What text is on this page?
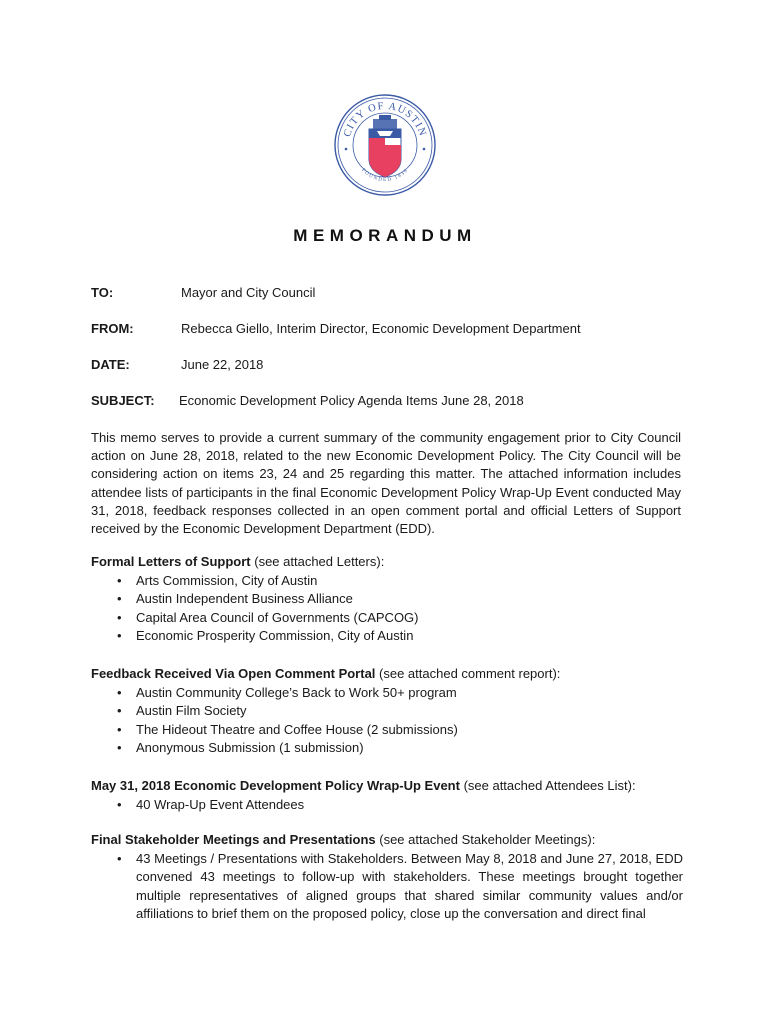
CITY OF AUSTIN
FOUNDED 1839
MEMORANDUM
TO:	Mayor and City Council
FROM:	Rebecca Giello, Interim Director, Economic Development Department
DATE:	June 22, 2018
SUBJECT: Economic Development Policy Agenda Items June 28, 2018
This memo serves to provide a current summary of the community engagement prior to City Council action on June 28, 2018, related to the new Economic Development Policy. The City Council will be considering action on items 23, 24 and 25 regarding this matter. The attached information includes attendee lists of participants in the final Economic Development Policy Wrap-Up Event conducted May 31, 2018, feedback responses collected in an open comment portal and official Letters of Support received by the Economic Development Department (EDD).
Formal Letters of Support (see attached Letters):
• Arts Commission, City of Austin
• Austin Independent Business Alliance
• Capital Area Council of Governments (CAPCOG)
• Economic Prosperity Commission, City of Austin
Feedback Received Via Open Comment Portal (see attached comment report):
• Austin Community College’s Back to Work 50+ program
• Austin Film Society
• The Hideout Theatre and Coffee House (2 submissions)
• Anonymous Submission (1 submission)
May 31, 2018 Economic Development Policy Wrap-Up Event (see attached Attendees List):
• 40 Wrap-Up Event Attendees
Final Stakeholder Meetings and Presentations (see attached Stakeholder Meetings):
• 43 Meetings / Presentations with Stakeholders. Between May 8, 2018 and June 27, 2018, EDD convened 43 meetings to follow-up with stakeholders. These meetings brought together multiple representatives of aligned groups that shared similar community values and/or affiliations to brief them on the proposed policy, close up the conversation and direct final
